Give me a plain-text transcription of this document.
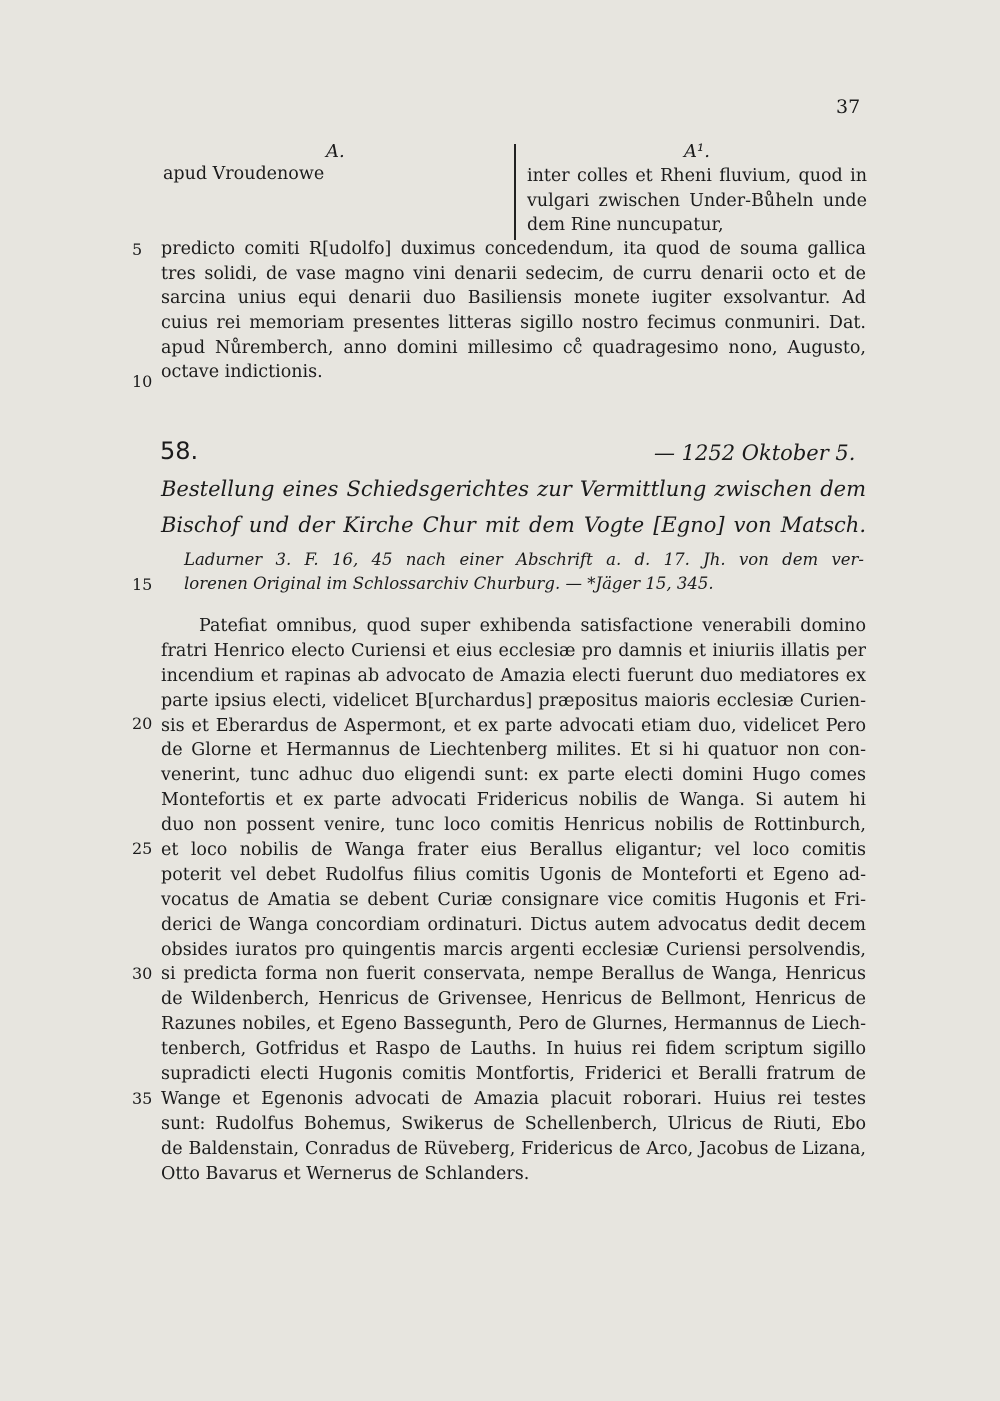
37
A.	A¹.
apud Vroudenowe	inter colles et Rheni fluvium, quod in
vulgari zwischen Under-Bůheln unde
dem Rine nuncupatur,
predicto comiti R[udolfo] duximus concedendum, ita quod de souma gallica
tres solidi, de vase magno vini denarii sedecim, de curru denarii octo et de
sarcina unius equi denarii duo Basiliensis monete iugiter exsolvantur. Ad
cuius rei memoriam presentes litteras sigillo nostro fecimus conmuniri. Dat.
apud Nůremberch, anno domini millesimo cc̊ quadragesimo nono, Augusto,
octave indictionis.
5
10
15
20
25
30
35
58.	— 1252 Oktober 5.
Bestellung eines Schiedsgerichtes zur Vermittlung zwischen dem
Bischof und der Kirche Chur mit dem Vogte [Egno] von Matsch.
Ladurner 3. F. 16, 45 nach einer Abschrift a. d. 17. Jh. von dem ver-
lorenen Original im Schlossarchiv Churburg. — *Jäger 15, 345.
Patefiat omnibus, quod super exhibenda satisfactione venerabili domino
fratri Henrico electo Curiensi et eius ecclesiæ pro damnis et iniuriis illatis per
incendium et rapinas ab advocato de Amazia electi fuerunt duo mediatores ex
parte ipsius electi, videlicet B[urchardus] præpositus maioris ecclesiæ Curien-
sis et Eberardus de Aspermont, et ex parte advocati etiam duo, videlicet Pero
de Glorne et Hermannus de Liechtenberg milites. Et si hi quatuor non con-
venerint, tunc adhuc duo eligendi sunt: ex parte electi domini Hugo comes
Montefortis et ex parte advocati Fridericus nobilis de Wanga. Si autem hi
duo non possent venire, tunc loco comitis Henricus nobilis de Rottinburch,
et loco nobilis de Wanga frater eius Berallus eligantur; vel loco comitis
poterit vel debet Rudolfus filius comitis Ugonis de Monteforti et Egeno ad-
vocatus de Amatia se debent Curiæ consignare vice comitis Hugonis et Fri-
derici de Wanga concordiam ordinaturi. Dictus autem advocatus dedit decem
obsides iuratos pro quingentis marcis argenti ecclesiæ Curiensi persolvendis,
si predicta forma non fuerit conservata, nempe Berallus de Wanga, Henricus
de Wildenberch, Henricus de Grivensee, Henricus de Bellmont, Henricus de
Razunes nobiles, et Egeno Bassegunth, Pero de Glurnes, Hermannus de Liech-
tenberch, Gotfridus et Raspo de Lauths. In huius rei fidem scriptum sigillo
supradicti electi Hugonis comitis Montfortis, Friderici et Beralli fratrum de
Wange et Egenonis advocati de Amazia placuit roborari. Huius rei testes
sunt: Rudolfus Bohemus, Swikerus de Schellenberch, Ulricus de Riuti, Ebo
de Baldenstain, Conradus de Rüveberg, Fridericus de Arco, Jacobus de Lizana,
Otto Bavarus et Wernerus de Schlanders.
